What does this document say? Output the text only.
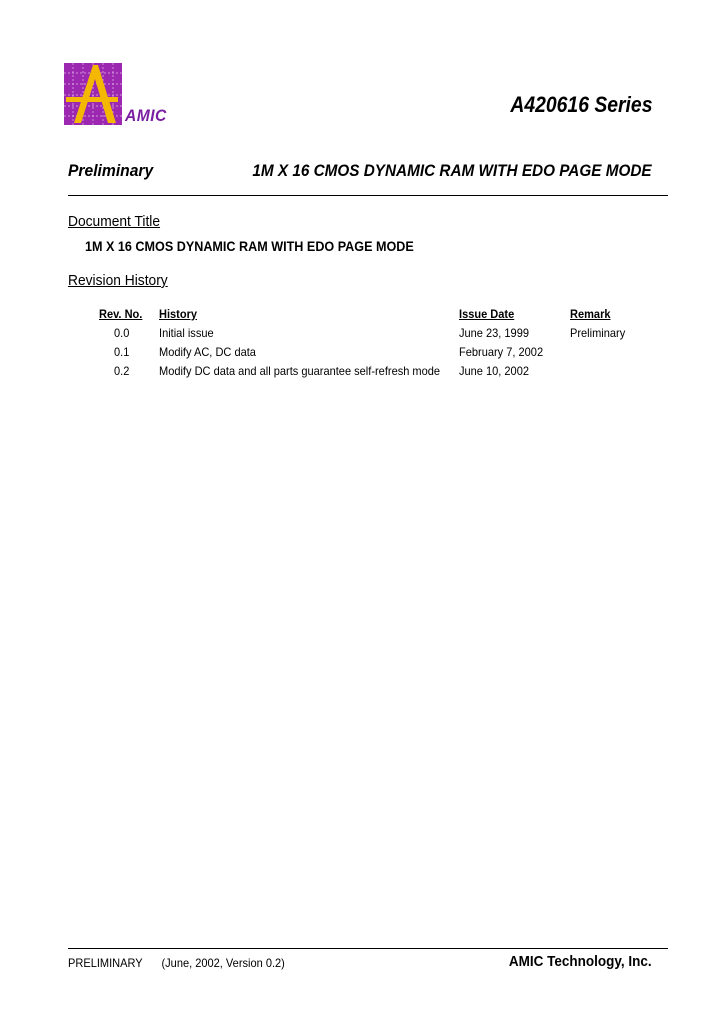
AMIC	A420616 Series
Preliminary	1M X 16 CMOS DYNAMIC RAM WITH EDO PAGE MODE
Document Title
1M X 16 CMOS DYNAMIC RAM WITH EDO PAGE MODE
Revision History
Rev. No. History	Issue Date	Remark
0.0 Initial issue	June 23, 1999	Preliminary
0.1 Modify AC, DC data	February 7, 2002
0.2 Modify DC data and all parts guarantee self-refresh mode June 10, 2002
PRELIMINARY (June, 2002, Version 0.2)	AMIC Technology, Inc.
